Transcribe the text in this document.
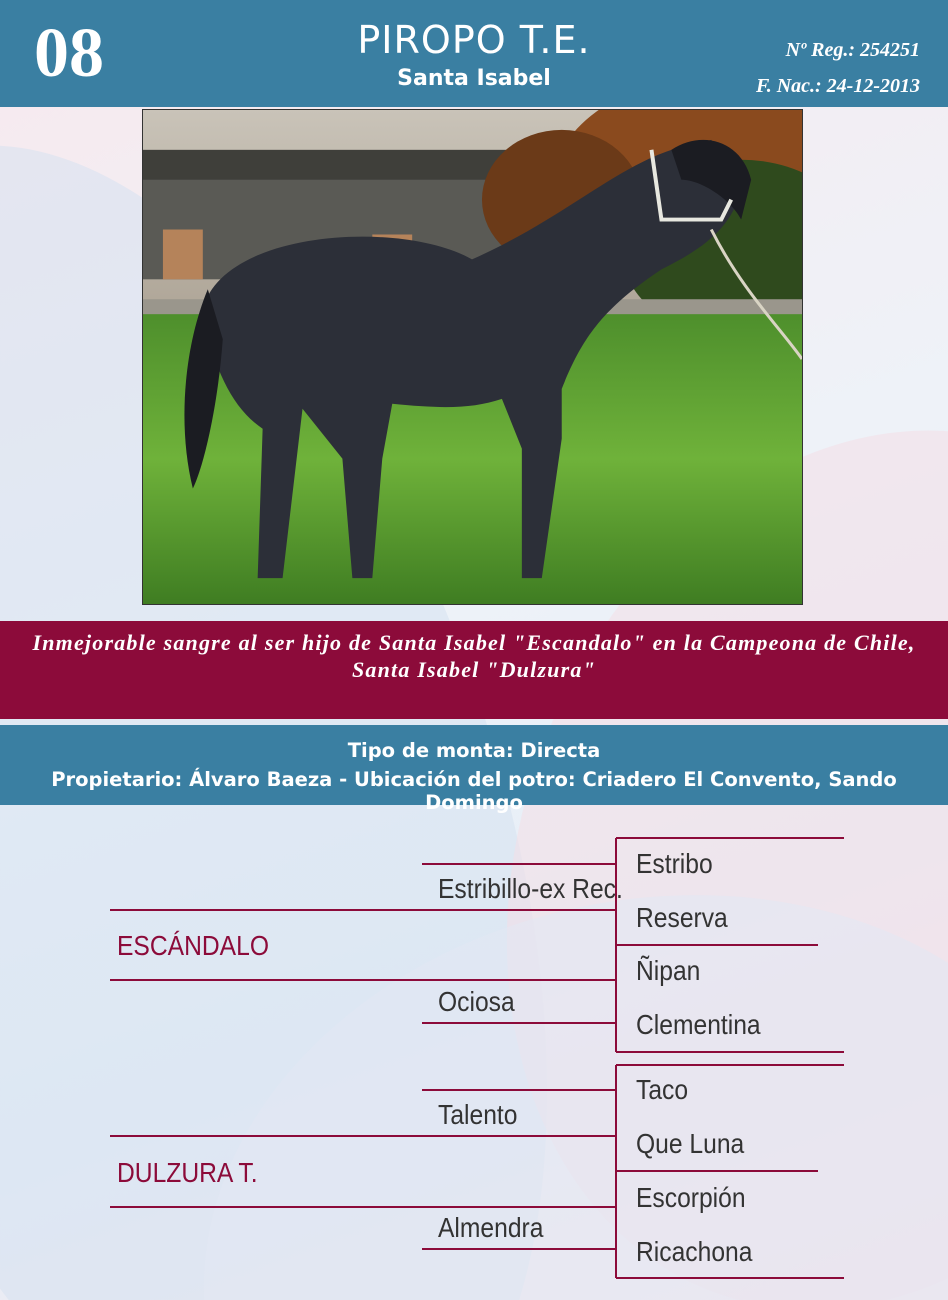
08	PIROPO T.E.
Santa Isabel
Nº Reg.: 254251
F. Nac.: 24-12-2013
Inmejorable sangre al ser hijo de Santa Isabel "Escandalo" en la Campeona de Chile, Santa Isabel "Dulzura"
Tipo de monta: Directa
Propietario: Álvaro Baeza - Ubicación del potro: Criadero El Convento, Sando Domingo
Estribo
Reserva
Ñipan
Clementina
Estribillo-ex Rec.
Ociosa
ESCÁNDALO
Taco
Que Luna
Escorpión
Ricachona
Talento
Almendra
DULZURA T.
